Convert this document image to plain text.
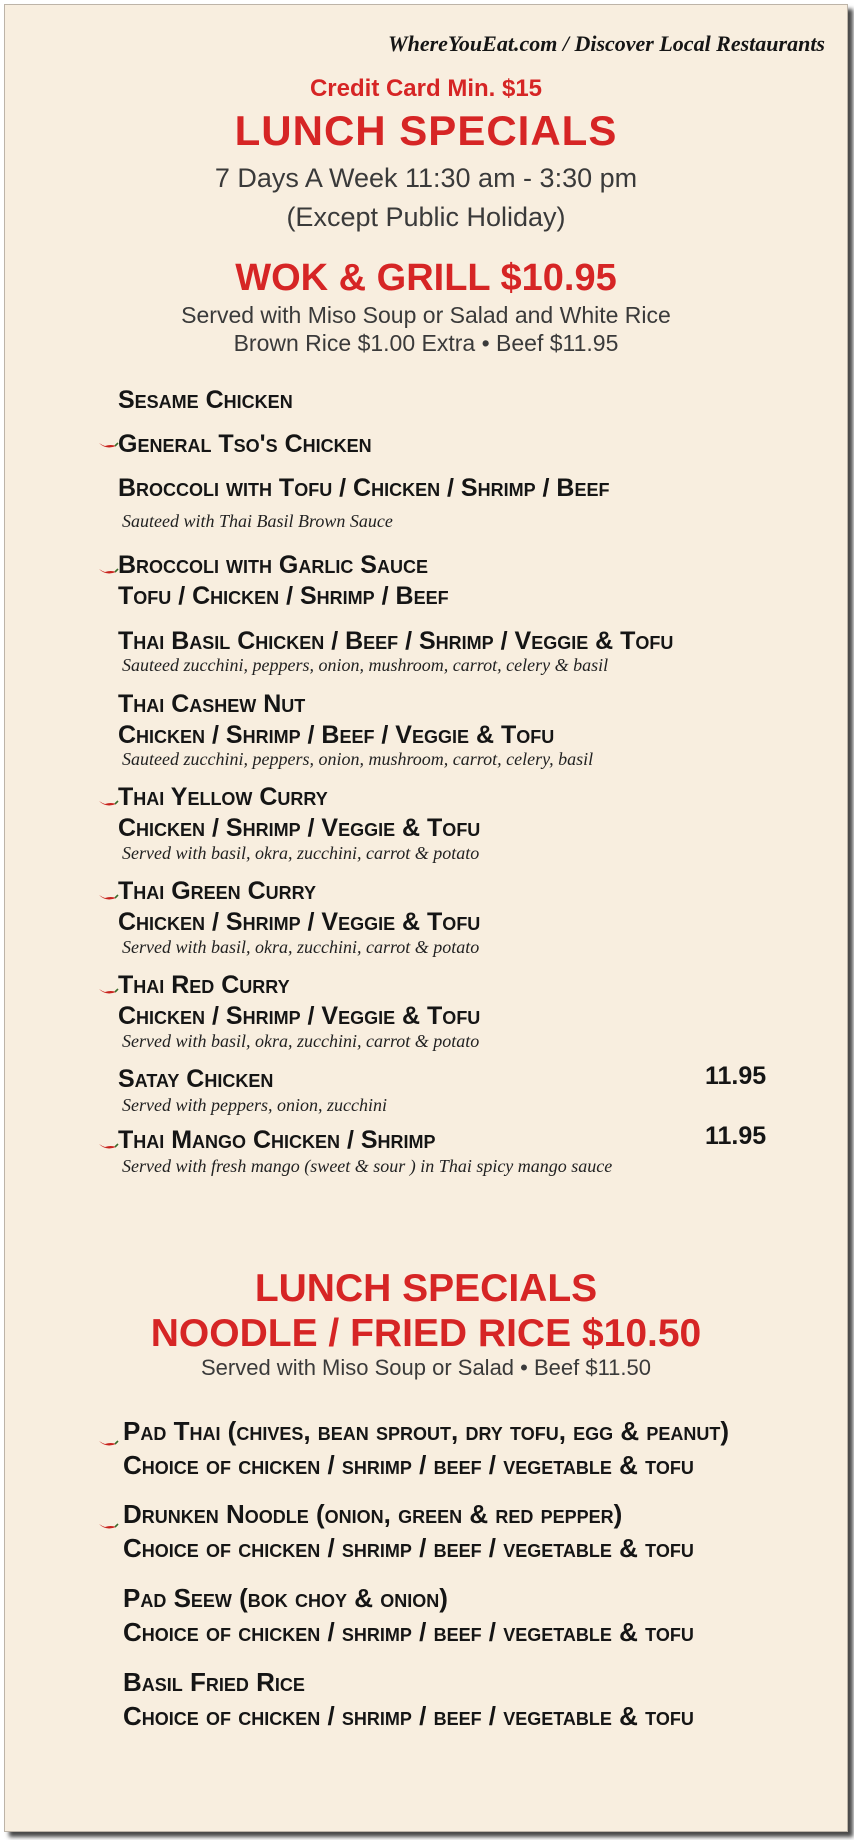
WhereYouEat.com / Discover Local Restaurants
Credit Card Min. $15
LUNCH SPECIALS
7 Days A Week 11:30 am - 3:30 pm
(Except Public Holiday)
WOK & GRILL $10.95
Served with Miso Soup or Salad and White Rice
Brown Rice $1.00 Extra • Beef $11.95
Sesame Chicken
General Tso's Chicken
Broccoli with Tofu / Chicken / Shrimp / Beef
Sauteed with Thai Basil Brown Sauce
Broccoli with Garlic Sauce
Tofu / Chicken / Shrimp / Beef
Thai Basil Chicken / Beef / Shrimp / Veggie & Tofu
Sauteed zucchini, peppers, onion, mushroom, carrot, celery & basil
Thai Cashew Nut
Chicken / Shrimp / Beef / Veggie & Tofu
Sauteed zucchini, peppers, onion, mushroom, carrot, celery, basil
Thai Yellow Curry
Chicken / Shrimp / Veggie & Tofu
Served with basil, okra, zucchini, carrot & potato
Thai Green Curry
Chicken / Shrimp / Veggie & Tofu
Served with basil, okra, zucchini, carrot & potato
Thai Red Curry
Chicken / Shrimp / Veggie & Tofu
Served with basil, okra, zucchini, carrot & potato
Satay Chicken	11.95
Served with peppers, onion, zucchini
Thai Mango Chicken / Shrimp	11.95
Served with fresh mango (sweet & sour ) in Thai spicy mango sauce
LUNCH SPECIALS
NOODLE / FRIED RICE $10.50
Served with Miso Soup or Salad • Beef $11.50
Pad Thai (chives, bean sprout, dry tofu, egg & peanut)
Choice of chicken / shrimp / beef / vegetable & tofu
Drunken Noodle (onion, green & red pepper)
Choice of chicken / shrimp / beef / vegetable & tofu
Pad Seew (bok choy & onion)
Choice of chicken / shrimp / beef / vegetable & tofu
Basil Fried Rice
Choice of chicken / shrimp / beef / vegetable & tofu
